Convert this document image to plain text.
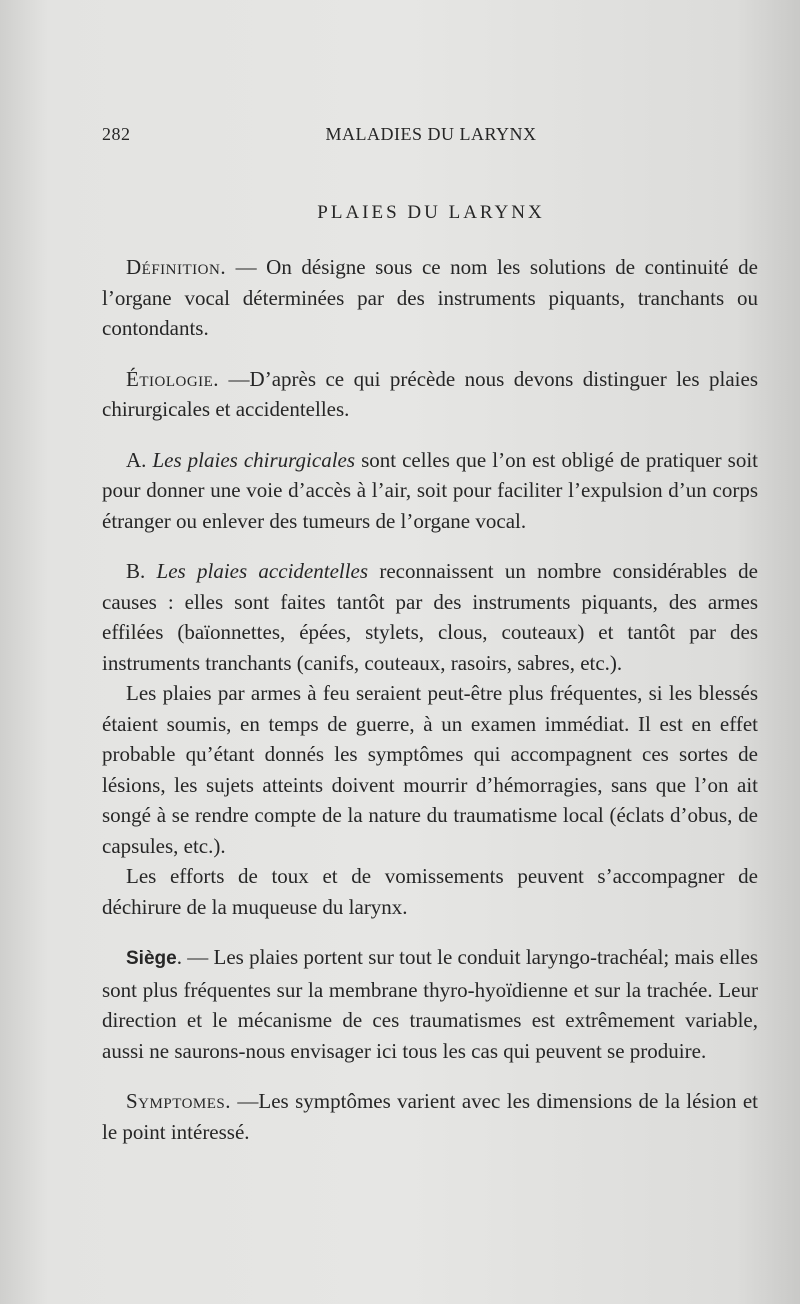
282	MALADIES DU LARYNX
PLAIES DU LARYNX

Définition. — On désigne sous ce nom les solutions de continuité de l’organe vocal déterminées par des instruments piquants, tranchants ou contondants.

Étiologie. —D’après ce qui précède nous devons distinguer les plaies chirurgicales et accidentelles.

A. Les plaies chirurgicales sont celles que l’on est obligé de pratiquer soit pour donner une voie d’accès à l’air, soit pour faciliter l’expulsion d’un corps étranger ou enlever des tumeurs de l’organe vocal.

B. Les plaies accidentelles reconnaissent un nombre considérables de causes : elles sont faites tantôt par des instruments piquants, des armes effilées (baïonnettes, épées, stylets, clous, couteaux) et tantôt par des instruments tranchants (canifs, couteaux, rasoirs, sabres, etc.).

Les plaies par armes à feu seraient peut-être plus fréquentes, si les blessés étaient soumis, en temps de guerre, à un examen immédiat. Il est en effet probable qu’étant donnés les symptômes qui accompagnent ces sortes de lésions, les sujets atteints doivent mourrir d’hémorragies, sans que l’on ait songé à se rendre compte de la nature du traumatisme local (éclats d’obus, de capsules, etc.).

Les efforts de toux et de vomissements peuvent s’accompagner de déchirure de la muqueuse du larynx.

Siège. — Les plaies portent sur tout le conduit laryngo-trachéal; mais elles sont plus fréquentes sur la membrane thyro-hyoïdienne et sur la trachée. Leur direction et le mécanisme de ces traumatismes est extrêmement variable, aussi ne saurons-nous envisager ici tous les cas qui peuvent se produire.

Symptomes. —Les symptômes varient avec les dimensions de la lésion et le point intéressé.
